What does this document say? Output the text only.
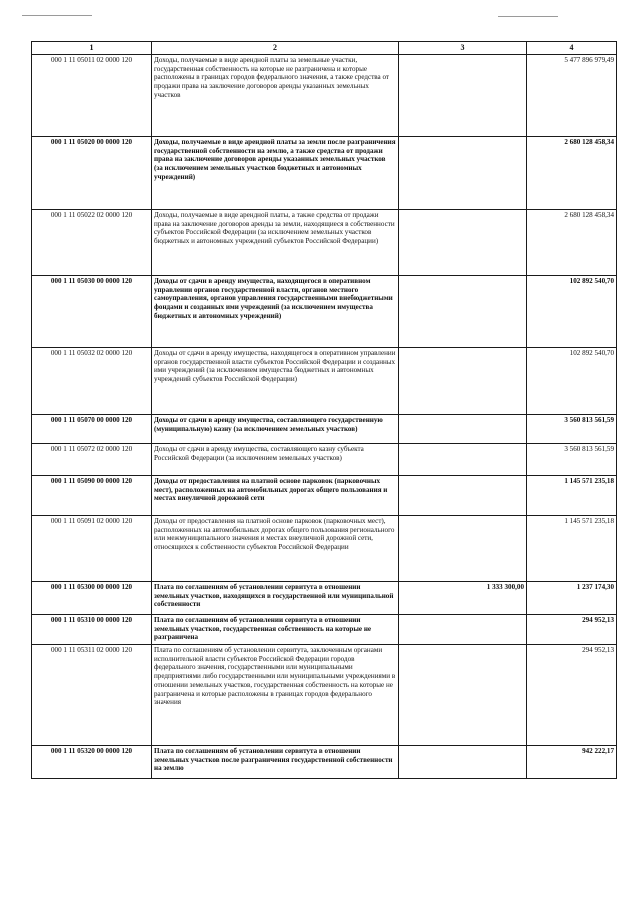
1	2	3	4
000 1 11 05011 02 0000 120	Доходы, получаемые в виде арендной платы за земельные участки, государственная собственность на которые не разграничена и которые расположены в границах городов федерального значения, а также средства от продажи права на заключение договоров аренды указанных земельных участков		5 477 896 979,49
000 1 11 05020 00 0000 120	Доходы, получаемые в виде арендной платы за земли после разграничения государственной собственности на землю, а также средства от продажи права на заключение договоров аренды указанных земельных участков (за исключением земельных участков бюджетных и автономных учреждений)		2 680 128 458,34
000 1 11 05022 02 0000 120	Доходы, получаемые в виде арендной платы, а также средства от продажи права на заключение договоров аренды за земли, находящиеся в собственности субъектов Российской Федерации (за исключением земельных участков бюджетных и автономных учреждений субъектов Российской Федерации)		2 680 128 458,34
000 1 11 05030 00 0000 120	Доходы от сдачи в аренду имущества, находящегося в оперативном управлении органов государственной власти, органов местного самоуправления, органов управления государственными внебюджетными фондами и созданных ими учреждений (за исключением имущества бюджетных и автономных учреждений)		102 892 540,70
000 1 11 05032 02 0000 120	Доходы от сдачи в аренду имущества, находящегося в оперативном управлении органов государственной власти субъектов Российской Федерации и созданных ими учреждений (за исключением имущества бюджетных и автономных учреждений субъектов Российской Федерации)		102 892 540,70
000 1 11 05070 00 0000 120	Доходы от сдачи в аренду имущества, составляющего государственную (муниципальную) казну (за исключением земельных участков)		3 560 813 561,59
000 1 11 05072 02 0000 120	Доходы от сдачи в аренду имущества, составляющего казну субъекта Российской Федерации (за исключением земельных участков)		3 560 813 561,59
000 1 11 05090 00 0000 120	Доходы от предоставления на платной основе парковок (парковочных мест), расположенных на автомобильных дорогах общего пользования и местах внеуличной дорожной сети		1 145 571 235,18
000 1 11 05091 02 0000 120	Доходы от предоставления на платной основе парковок (парковочных мест), расположенных на автомобильных дорогах общего пользования регионального или межмуниципального значения и местах внеуличной дорожной сети, относящихся к собственности субъектов Российской Федерации		1 145 571 235,18
000 1 11 05300 00 0000 120	Плата по соглашениям об установлении сервитута в отношении земельных участков, находящихся в государственной или муниципальной собственности	1 333 300,00	1 237 174,30
000 1 11 05310 00 0000 120	Плата по соглашениям об установлении сервитута в отношении земельных участков, государственная собственность на которые не разграничена		294 952,13
000 1 11 05311 02 0000 120	Плата по соглашениям об установлении сервитута, заключенным органами исполнительной власти субъектов Российской Федерации городов федерального значения, государственными или муниципальными предприятиями либо государственными или муниципальными учреждениями в отношении земельных участков, государственная собственность на которые не разграничена и которые расположены в границах городов федерального значения		294 952,13
000 1 11 05320 00 0000 120	Плата по соглашениям об установлении сервитута в отношении земельных участков после разграничения государственной собственности на землю		942 222,17
